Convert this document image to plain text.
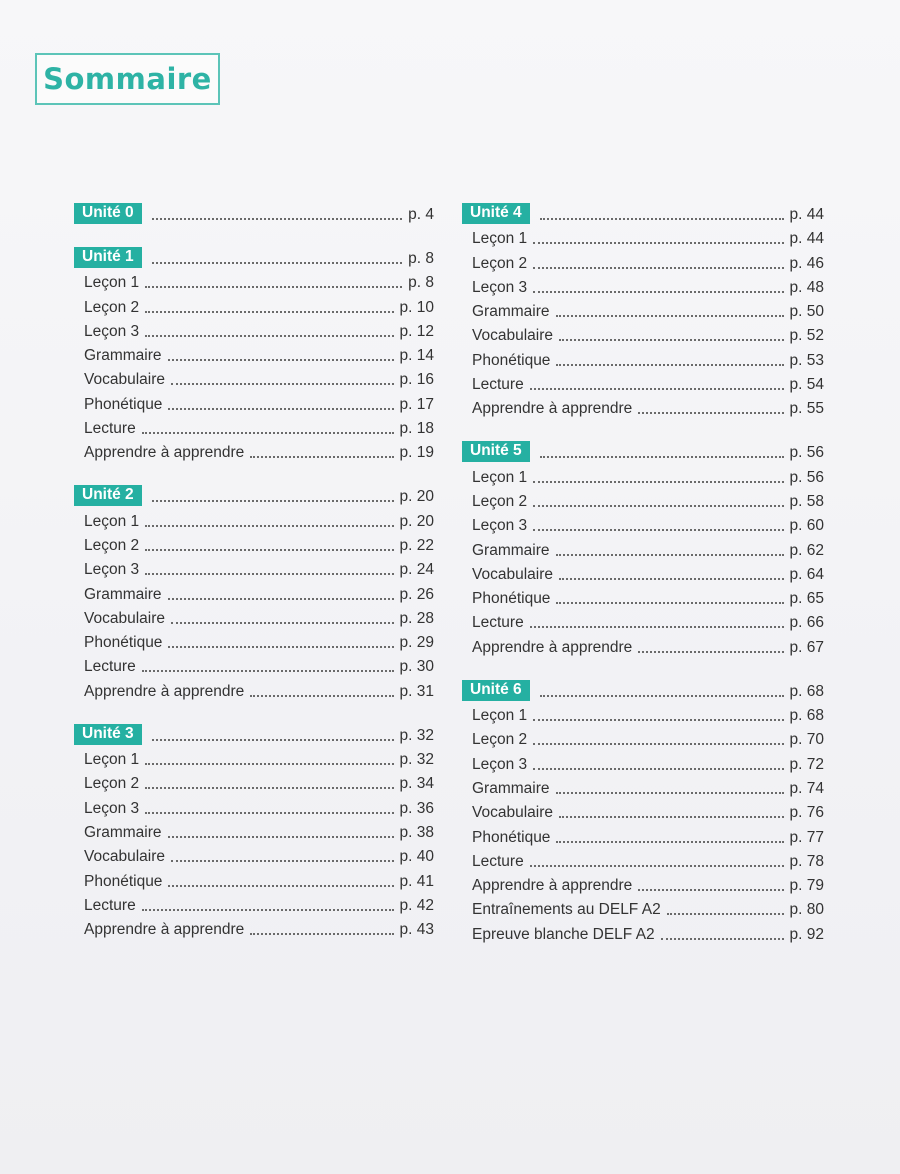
Sommaire
Unité 0	p. 4
Unité 1	p. 8
Leçon 1	p. 8
Leçon 2	p. 10
Leçon 3	p. 12
Grammaire	p. 14
Vocabulaire	p. 16
Phonétique	p. 17
Lecture	p. 18
Apprendre à apprendre	p. 19
Unité 2	p. 20
Leçon 1	p. 20
Leçon 2	p. 22
Leçon 3	p. 24
Grammaire	p. 26
Vocabulaire	p. 28
Phonétique	p. 29
Lecture	p. 30
Apprendre à apprendre	p. 31
Unité 3	p. 32
Leçon 1	p. 32
Leçon 2	p. 34
Leçon 3	p. 36
Grammaire	p. 38
Vocabulaire	p. 40
Phonétique	p. 41
Lecture	p. 42
Apprendre à apprendre	p. 43
Unité 4	p. 44
Leçon 1	p. 44
Leçon 2	p. 46
Leçon 3	p. 48
Grammaire	p. 50
Vocabulaire	p. 52
Phonétique	p. 53
Lecture	p. 54
Apprendre à apprendre	p. 55
Unité 5	p. 56
Leçon 1	p. 56
Leçon 2	p. 58
Leçon 3	p. 60
Grammaire	p. 62
Vocabulaire	p. 64
Phonétique	p. 65
Lecture	p. 66
Apprendre à apprendre	p. 67
Unité 6	p. 68
Leçon 1	p. 68
Leçon 2	p. 70
Leçon 3	p. 72
Grammaire	p. 74
Vocabulaire	p. 76
Phonétique	p. 77
Lecture	p. 78
Apprendre à apprendre	p. 79
Entraînements au DELF A2	p. 80
Epreuve blanche DELF A2	p. 92
